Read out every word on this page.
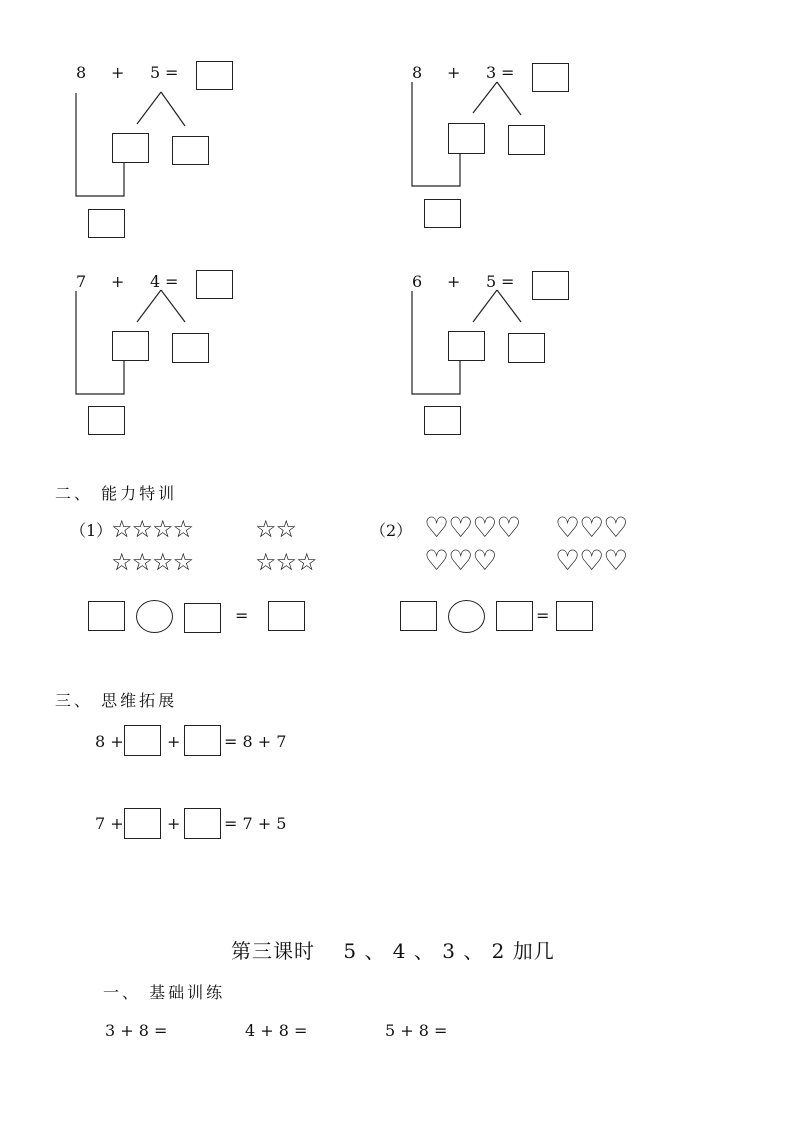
8 + 5 =	8 + 3 =
7 + 4 =	6 + 5 =
二、 能力特训
（1）
☆☆☆☆	☆☆
☆☆☆☆	☆☆☆
（2） ♡♡♡♡ ♡♡♡
♡♡♡ ♡♡♡
=	=
三、 思维拓展
8 +	+	= 8 + 7
7 +	+	= 7 + 5
第三课时　 5 、 4 、 3 、 2 加几
一、 基础训练
3 + 8 =	4 + 8 =	5 + 8 =
